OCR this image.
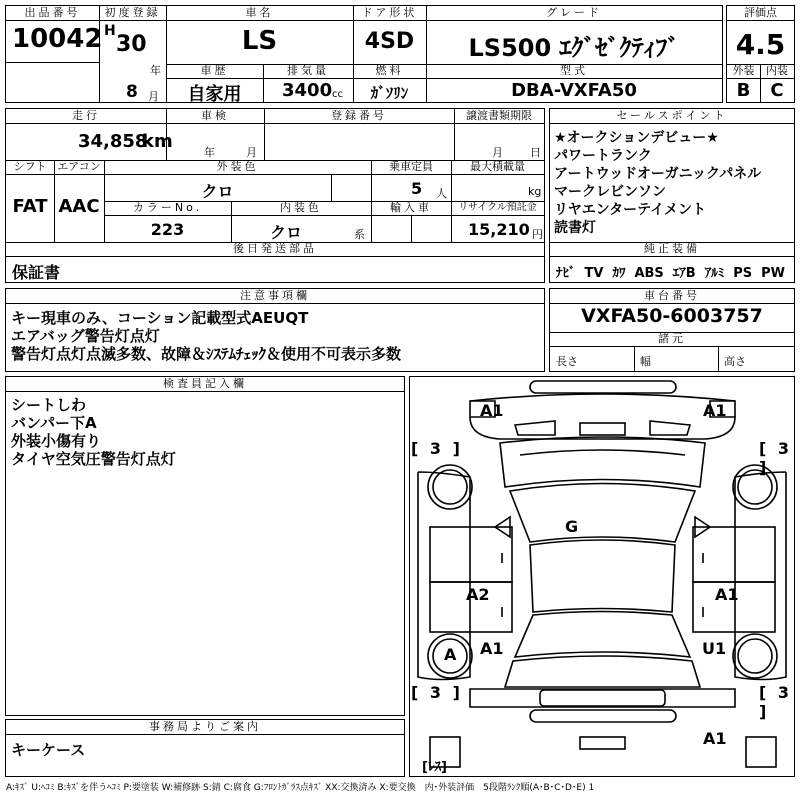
出品番号
10042
初度登録
H
30
年
8 月
車名
LS
ドア形状
4SD
グレード
LS500 ｴｸﾞｾﾞｸﾃｨﾌﾞ
車歴
自家用
排気量
3400 cc
燃料
ｶﾞｿﾘﾝ
型式
DBA-VXFA50
評価点
4.5
外装	内装
B	C
走行
34,858
km
車検
年	月
登録番号	譲渡書類期限
月 日
シフト
FAT
エアコン
AAC
外装色
クロ
乗車定員
5 人
最大積載量
kg
カラーNo.
223
内装色
クロ	系
輸入車	リサイクル預託金
15,210 円
後日発送部品
保証書
セールスポイント
★オークションデビュー★
パワートランク
アートウッドオーガニックパネル
マークレビンソン
リヤエンターテイメント
読書灯
純正装備
ﾅﾋﾞ TV ｶﾜ ABS ｴｱB ｱﾙﾐ PS PW
注意事項欄
キー現車のみ、コーション記載型式AEUQT
エアバッグ警告灯点灯
警告灯点灯点滅多数、故障＆ｼｽﾃﾑﾁｪｯｸ＆使用不可表示多数
車台番号
VXFA50-6003757
諸元
長さ	幅	高さ
検査員記入欄
シートしわ
バンパー下A
外装小傷有り
タイヤ空気圧警告灯点灯
事務局よりご案内
キーケース
A1	A1
[ 3 ]	[ 3 ]
G
A2	A1
A A1	U1
[ 3 ]	[ 3 ]
A1
[ﾚｽ]
A:ｷｽﾞ U:ﾍｺﾐ B:ｷｽﾞを伴うﾍｺﾐ P:要塗装 W:補修跡 S:錆 C:腐食 G:ﾌﾛﾝﾄｶﾞﾗｽ点ｷｽﾞ XX:交換済み X:要交換　内･外装評価　5段階ﾗﾝｸ順(A･B･C･D･E) 1
